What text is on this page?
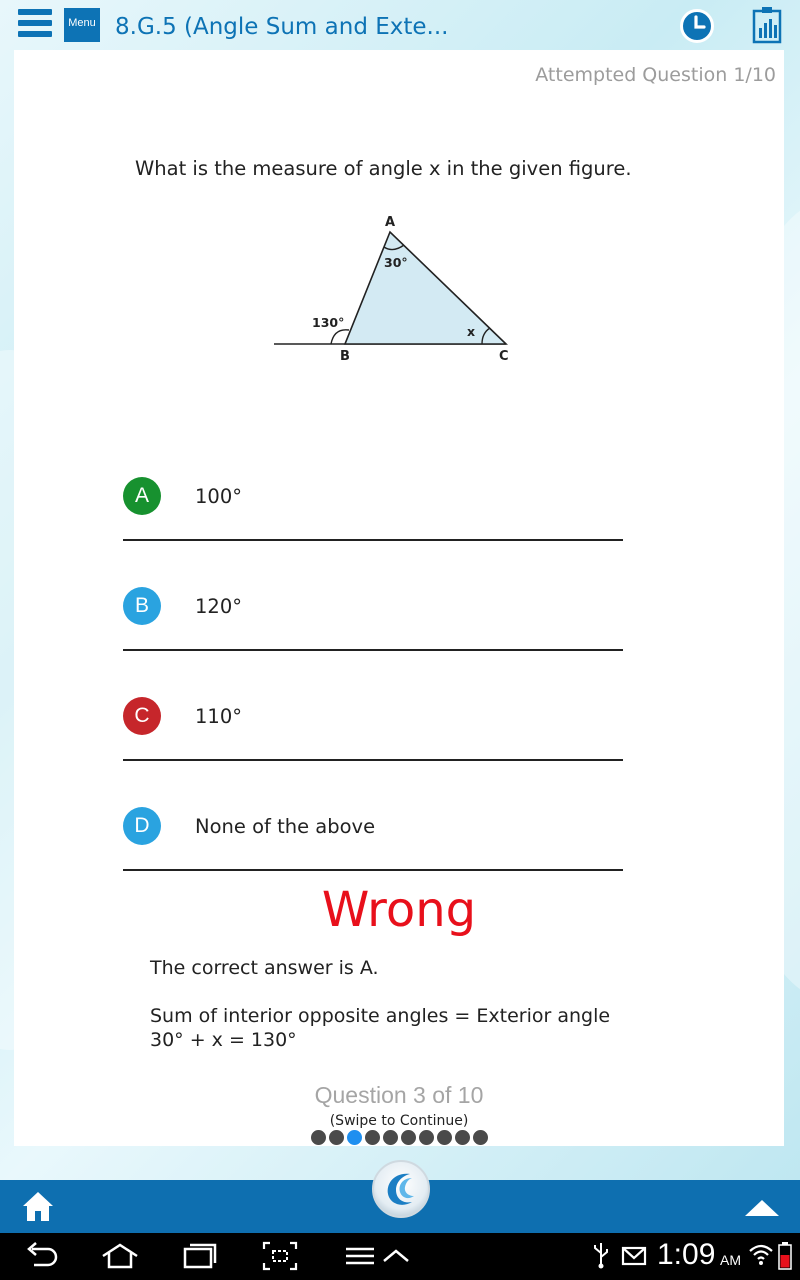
Menu 8.G.5 (Angle Sum and Exte...
Attempted Question 1/10
What is the measure of angle x in the given figure.
A
B	C
30°
130°
x
A	100°
B	120°
C	110°
D	None of the above
Wrong
The correct answer is A.
Sum of interior opposite angles = Exterior angle
30° + x = 130°
Question 3 of 10
(Swipe to Continue)
1:09 AM
